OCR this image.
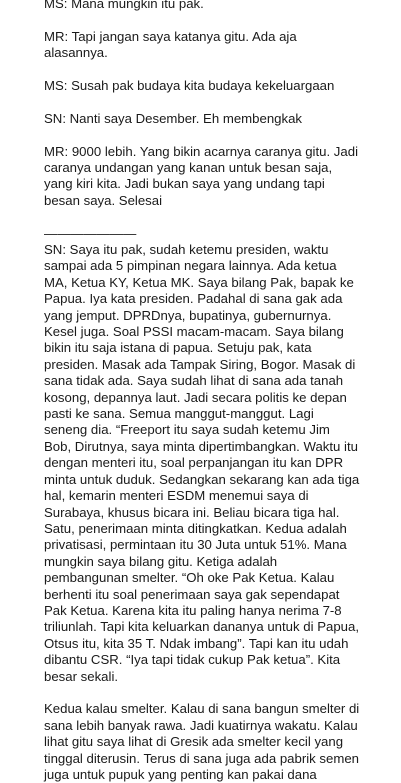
MS: Mana mungkin itu pak.

MR: Tapi jangan saya katanya gitu. Ada aja
alasannya.

MS: Susah pak budaya kita budaya kekeluargaan

SN: Nanti saya Desember. Eh membengkak

MR: 9000 lebih. Yang bikin acarnya caranya gitu. Jadi
caranya undangan yang kanan untuk besan saja,
yang kiri kita. Jadi bukan saya yang undang tapi
besan saya. Selesai

———————

SN: Saya itu pak, sudah ketemu presiden, waktu
sampai ada 5 pimpinan negara lainnya. Ada ketua
MA, Ketua KY, Ketua MK. Saya bilang Pak, bapak ke
Papua. Iya kata presiden. Padahal di sana gak ada
yang jemput. DPRDnya, bupatinya, gubernurnya.
Kesel juga. Soal PSSI macam-macam. Saya bilang
bikin itu saja istana di papua. Setuju pak, kata
presiden. Masak ada Tampak Siring, Bogor. Masak di
sana tidak ada. Saya sudah lihat di sana ada tanah
kosong, depannya laut. Jadi secara politis ke depan
pasti ke sana. Semua manggut-manggut. Lagi
seneng dia. “Freeport itu saya sudah ketemu Jim
Bob, Dirutnya, saya minta dipertimbangkan. Waktu itu
dengan menteri itu, soal perpanjangan itu kan DPR
minta untuk duduk. Sedangkan sekarang kan ada tiga
hal, kemarin menteri ESDM menemui saya di
Surabaya, khusus bicara ini. Beliau bicara tiga hal.
Satu, penerimaan minta ditingkatkan. Kedua adalah
privatisasi, permintaan itu 30 Juta untuk 51%. Mana
mungkin saya bilang gitu. Ketiga adalah
pembangunan smelter. “Oh oke Pak Ketua. Kalau
berhenti itu soal penerimaan saya gak sependapat
Pak Ketua. Karena kita itu paling hanya nerima 7-8
triliunlah. Tapi kita keluarkan dananya untuk di Papua,
Otsus itu, kita 35 T. Ndak imbang”. Tapi kan itu udah
dibantu CSR. “Iya tapi tidak cukup Pak ketua”. Kita
besar sekali.

Kedua kalau smelter. Kalau di sana bangun smelter di
sana lebih banyak rawa. Jadi kuatirnya wakatu. Kalau
lihat gitu saya lihat di Gresik ada smelter kecil yang
tinggal diterusin. Terus di sana juga ada pabrik semen
juga untuk pupuk yang penting kan pakai dana
